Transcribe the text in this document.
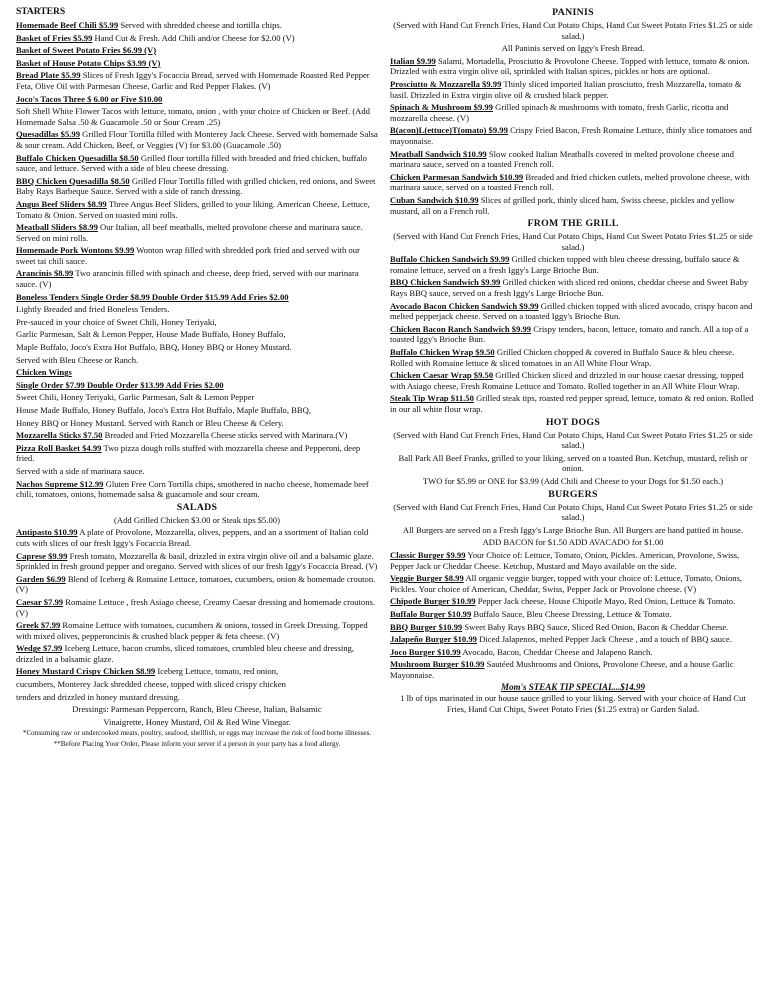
STARTERS
Homemade Beef Chili $5.99 Served with shredded cheese and tortilla chips.
Basket of Fries $5.99 Hand Cut & Fresh. Add Chili and/or Cheese for $2.00 (V)
Basket of Sweet Potato Fries $6.99 (V)
Basket of House Potato Chips $3.99 (V)
Bread Plate $5.99 Slices of Fresh Iggy's Focaccia Bread, served with Homemade Roasted Red Pepper Feta, Olive Oil with Parmesan Cheese, Garlic and Red Pepper Flakes. (V)
Joco's Tacos Three $ 6.00 or Five $10.00
Soft Shell White Flower Tacos with lettuce, tomato, onion , with your choice of Chicken or Beef. (Add Homemade Salsa .50 & Guacamole .50 or Sour Cream .25)
Quesadillas $5.99 Grilled Flour Tortilla filled with Monterey Jack Cheese. Served with homemade Salsa & sour cream. Add Chicken, Beef, or Veggies (V) for $3.00 (Guacamole .50)
Buffalo Chicken Quesadilla $8.50 Grilled flour tortilla filled with breaded and fried chicken, buffalo sauce, and lettuce. Served with a side of bleu cheese dressing.
BBQ Chicken Quesadilla $8.50 Grilled Flour Tortilla filled with grilled chicken, red onions, and Sweet Baby Rays Barbeque Sauce. Served with a side of ranch dressing.
Angus Beef Sliders $8.99 Three Angus Beef Sliders, grilled to your liking. American Cheese, Lettuce, Tomato & Onion. Served on toasted mini rolls.
Meatball Sliders $8.99 Our Italian, all beef meatballs, melted provolone cheese and marinara sauce. Served on mini rolls.
Homemade Pork Wontons $9.99 Wonton wrap filled with shredded pork fried and served with our sweet tai chili sauce.
Arancinis $8.99 Two arancinis filled with spinach and cheese, deep fried, served with our marinara sauce. (V)
Boneless Tenders Single Order $8.99 Double Order $15.99 Add Fries $2.00
Lightly Breaded and fried Boneless Tenders.
Pre-sauced in your choice of Sweet Chili, Honey Teriyaki,
Garlic Parmesan, Salt & Lemon Pepper, House Made Buffalo, Honey Buffalo,
Maple Buffalo, Joco's Extra Hot Buffalo, BBQ, Honey BBQ or Honey Mustard.
Served with Bleu Cheese or Ranch.
Chicken Wings
Single Order $7.99 Double Order $13.99 Add Fries $2.00
Sweet Chili, Honey Teriyaki, Garlic Parmesan, Salt & Lemon Pepper
House Made Buffalo, Honey Buffalo, Joco's Extra Hot Buffalo, Maple Buffalo, BBQ,
Honey BBQ or Honey Mustard. Served with Ranch or Bleu Cheese & Celery.
Mozzarella Sticks $7.50 Breaded and Fried Mozzarella Cheese sticks served with Marinara.(V)
Pizza Roll Basket $4.99 Two pizza dough rolls stuffed with mozzarella cheese and Pepperoni, deep fried.
Served with a side of marinara sauce.
Nachos Supreme $12.99 Gluten Free Corn Tortilla chips, smothered in nacho cheese, homemade beef chili, tomatoes, onions, homemade salsa & guacamole and sour cream.
SALADS
(Add Grilled Chicken $3.00 or Steak tips $5.00)
Antipasto $10.99 A plate of Provolone, Mozzarella, olives, peppers, and an a ssortment of Italian cold cuts with slices of our fresh Iggy's Focaccia Bread.
Caprese $9.99 Fresh tomato, Mozzarella & basil, drizzled in extra virgin olive oil and a balsamic glaze. Sprinkled in fresh ground pepper and oregano. Served with slices of our fresh Iggy's Focaccia Bread. (V)
Garden $6.99 Blend of Iceberg & Romaine Lettuce, tomatoes, cucumbers, onion & homemade crouton. (V)
Caesar $7.99 Romaine Lettuce , fresh Asiago cheese, Creamy Caesar dressing and homemade croutons. (V)
Greek $7.99 Romaine Lettuce with tomatoes, cucumbers & onions, tossed in Greek Dressing. Topped with mixed olives, pepperoncinis & crushed black pepper & feta cheese. (V)
Wedge $7.99 Iceberg Lettuce, bacon crumbs, sliced tomatoes, crumbled bleu cheese and dressing, drizzled in a balsamic glaze.
Honey Mustard Crispy Chicken $8.99 Iceberg Lettuce, tomato, red onion,
cucumbers, Monterey Jack shredded cheese, topped with sliced crispy chicken
tenders and drizzled in honey mustard dressing.
Dressings: Parmesan Peppercorn, Ranch, Bleu Cheese, Italian, Balsamic
Vinaigrette, Honey Mustard, Oil & Red Wine Vinegar.
*Consuming raw or undercooked meats, poultry, seafood, shellfish, or eggs may increase the risk of food borne illnesses.
**Before Placing Your Order, Please inform your server if a person in your party has a food allergy.
PANINIS
(Served with Hand Cut French Fries, Hand Cut Potato Chips, Hand Cut Sweet Potato Fries $1.25 or side salad.)
All Paninis served on Iggy's Fresh Bread.
Italian $9.99 Salami, Mortadella, Prosciutto & Provolone Cheese. Topped with lettuce, tomato & onion. Drizzled with extra virgin olive oil, sprinkled with Italian spices, pickles or hots are optional.
Prosciutto & Mozzarella $9.99 Thinly sliced imported Italian prosciutto, fresh Mozzarella, tomato & basil. Drizzled in Extra virgin olive oil & crushed black pepper.
Spinach & Mushroom $9.99 Grilled spinach & mushrooms with tomato, fresh Garlic, ricotta and mozzarella cheese. (V)
B(acon)L(ettuce)T(omato) $9.99 Crispy Fried Bacon, Fresh Romaine Lettuce, thinly slice tomatoes and mayonnaise.
Meatball Sandwich $10.99 Slow cooked Italian Meatballs covered in melted provolone cheese and marinara sauce, served on a toasted French roll.
Chicken Parmesan Sandwich $10.99 Breaded and fried chicken cutlets, melted provolone cheese, with marinara sauce, served on a toasted French roll.
Cuban Sandwich $10.99 Slices of grilled pork, thinly sliced ham, Swiss cheese, pickles and yellow mustard, all on a French roll.
FROM THE GRILL
(Served with Hand Cut French Fries, Hand Cut Potato Chips, Hand Cut Sweet Potato Fries $1.25 or side salad.)
Buffalo Chicken Sandwich $9.99 Grilled chicken topped with bleu cheese dressing, buffalo sauce & romaine lettuce, served on a fresh Iggy's Large Brioche Bun.
BBQ Chicken Sandwich $9.99 Grilled chicken with sliced red onions, cheddar cheese and Sweet Baby Rays BBQ sauce, served on a fresh Iggy's Large Brioche Bun.
Avocado Bacon Chicken Sandwich $9.99 Grilled chicken topped with sliced avocado, crispy bacon and melted pepperjack cheese. Served on a toasted Iggy's Brioche Bun.
Chicken Bacon Ranch Sandwich $9.99 Crispy tenders, bacon, lettuce, tomato and ranch. All a top of a toasted Iggy's Brioche Bun.
Buffalo Chicken Wrap $9.50 Grilled Chicken chopped & covered in Buffalo Sauce & bleu cheese. Rolled with Romaine lettuce & sliced tomatoes in an All White Flour Wrap.
Chicken Caesar Wrap $9.50 Grilled Chicken sliced and drizzled in our house caesar dressing, topped with Asiago cheese, Fresh Romaine Lettuce and Tomato. Rolled together in an All White Flour Wrap.
Steak Tip Wrap $11.50 Grilled steak tips, roasted red pepper spread, lettuce, tomato & red onion. Rolled in our all white flour wrap.
HOT DOGS
(Served with Hand Cut French Fries, Hand Cut Potato Chips, Hand Cut Sweet Potato Fries $1.25 or side salad.)
Ball Park All Beef Franks, grilled to your liking, served on a toasted Bun. Ketchup, mustard, relish or onion.
TWO for $5.99 or ONE for $3.99 (Add Chili and Cheese to your Dogs for $1.50 each.)
BURGERS
(Served with Hand Cut French Fries, Hand Cut Potato Chips, Hand Cut Sweet Potato Fries $1.25 or side salad.)
All Burgers are served on a Fresh Iggy's Large Brioche Bun. All Burgers are hand pattied in house.
ADD BACON for $1.50 ADD AVACADO for $1.00
Classic Burger $9.99 Your Choice of: Lettuce, Tomato, Onion, Pickles. American, Provolone, Swiss, Pepper Jack or Cheddar Cheese. Ketchup, Mustard and Mayo available on the side.
Veggie Burger $8.99 All organic veggie burger, topped with your choice of: Lettuce, Tomato, Onions, Pickles. Your choice of American, Cheddar, Swiss, Pepper Jack or Provolone cheese. (V)
Chipotle Burger $10.99 Pepper Jack cheese, House Chipotle Mayo, Red Onion, Lettuce & Tomato.
Buffalo Burger $10.99 Buffalo Sauce, Bleu Cheese Dressing, Lettuce & Tomato.
BBQ Burger $10.99 Sweet Baby Rays BBQ Sauce, Sliced Red Onion, Bacon & Cheddar Cheese.
Jalapeño Burger $10.99 Diced Jalapenos, melted Pepper Jack Cheese , and a touch of BBQ sauce.
Joco Burger $10.99 Avocado, Bacon, Cheddar Cheese and Jalapeno Ranch.
Mushroom Burger $10.99 Sautéed Mushrooms and Onions, Provolone Cheese, and a house Garlic Mayonnaise.
Mom's STEAK TIP SPECIAL...$14.99
1 lb of tips marinated in our house sauce grilled to your liking. Served with your choice of Hand Cut Fries, Hand Cut Chips, Sweet Potato Fries ($1.25 extra) or Garden Salad.
